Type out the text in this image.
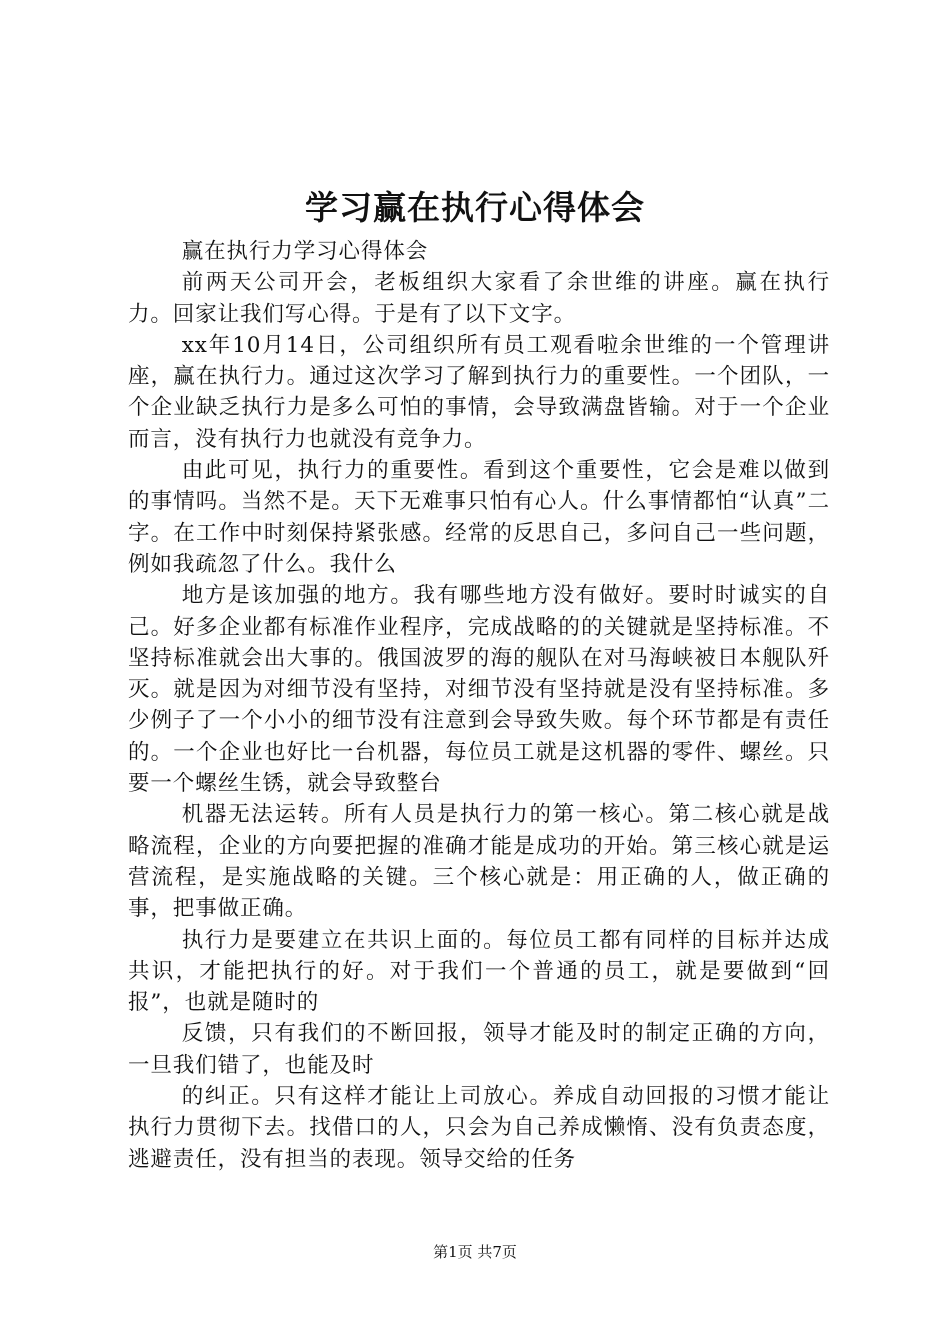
学习赢在执行心得体会

赢在执行力学习心得体会

前两天公司开会，老板组织大家看了余世维的讲座。赢在执行力。回家让我们写心得。于是有了以下文字。

xx年10月14日，公司组织所有员工观看啦余世维的一个管理讲座，赢在执行力。通过这次学习了解到执行力的重要性。一个团队，一个企业缺乏执行力是多么可怕的事情，会导致满盘皆输。对于一个企业而言，没有执行力也就没有竞争力。

由此可见，执行力的重要性。看到这个重要性，它会是难以做到的事情吗。当然不是。天下无难事只怕有心人。什么事情都怕“认真”二字。在工作中时刻保持紧张感。经常的反思自己，多问自己一些问题，例如我疏忽了什么。我什么

地方是该加强的地方。我有哪些地方没有做好。要时时诚实的自己。好多企业都有标准作业程序，完成战略的的关键就是坚持标准。不坚持标准就会出大事的。俄国波罗的海的舰队在对马海峡被日本舰队歼灭。就是因为对细节没有坚持，对细节没有坚持就是没有坚持标准。多少例子了一个小小的细节没有注意到会导致失败。每个环节都是有责任的。一个企业也好比一台机器，每位员工就是这机器的零件、螺丝。只要一个螺丝生锈，就会导致整台

机器无法运转。所有人员是执行力的第一核心。第二核心就是战略流程，企业的方向要把握的准确才能是成功的开始。第三核心就是运营流程，是实施战略的关键。三个核心就是：用正确的人，做正确的事，把事做正确。

执行力是要建立在共识上面的。每位员工都有同样的目标并达成共识，才能把执行的好。对于我们一个普通的员工，就是要做到“回报”，也就是随时的

反馈，只有我们的不断回报，领导才能及时的制定正确的方向，一旦我们错了，也能及时

的纠正。只有这样才能让上司放心。养成自动回报的习惯才能让执行力贯彻下去。找借口的人，只会为自己养成懒惰、没有负责态度，逃避责任，没有担当的表现。领导交给的任务

第1页 共7页
